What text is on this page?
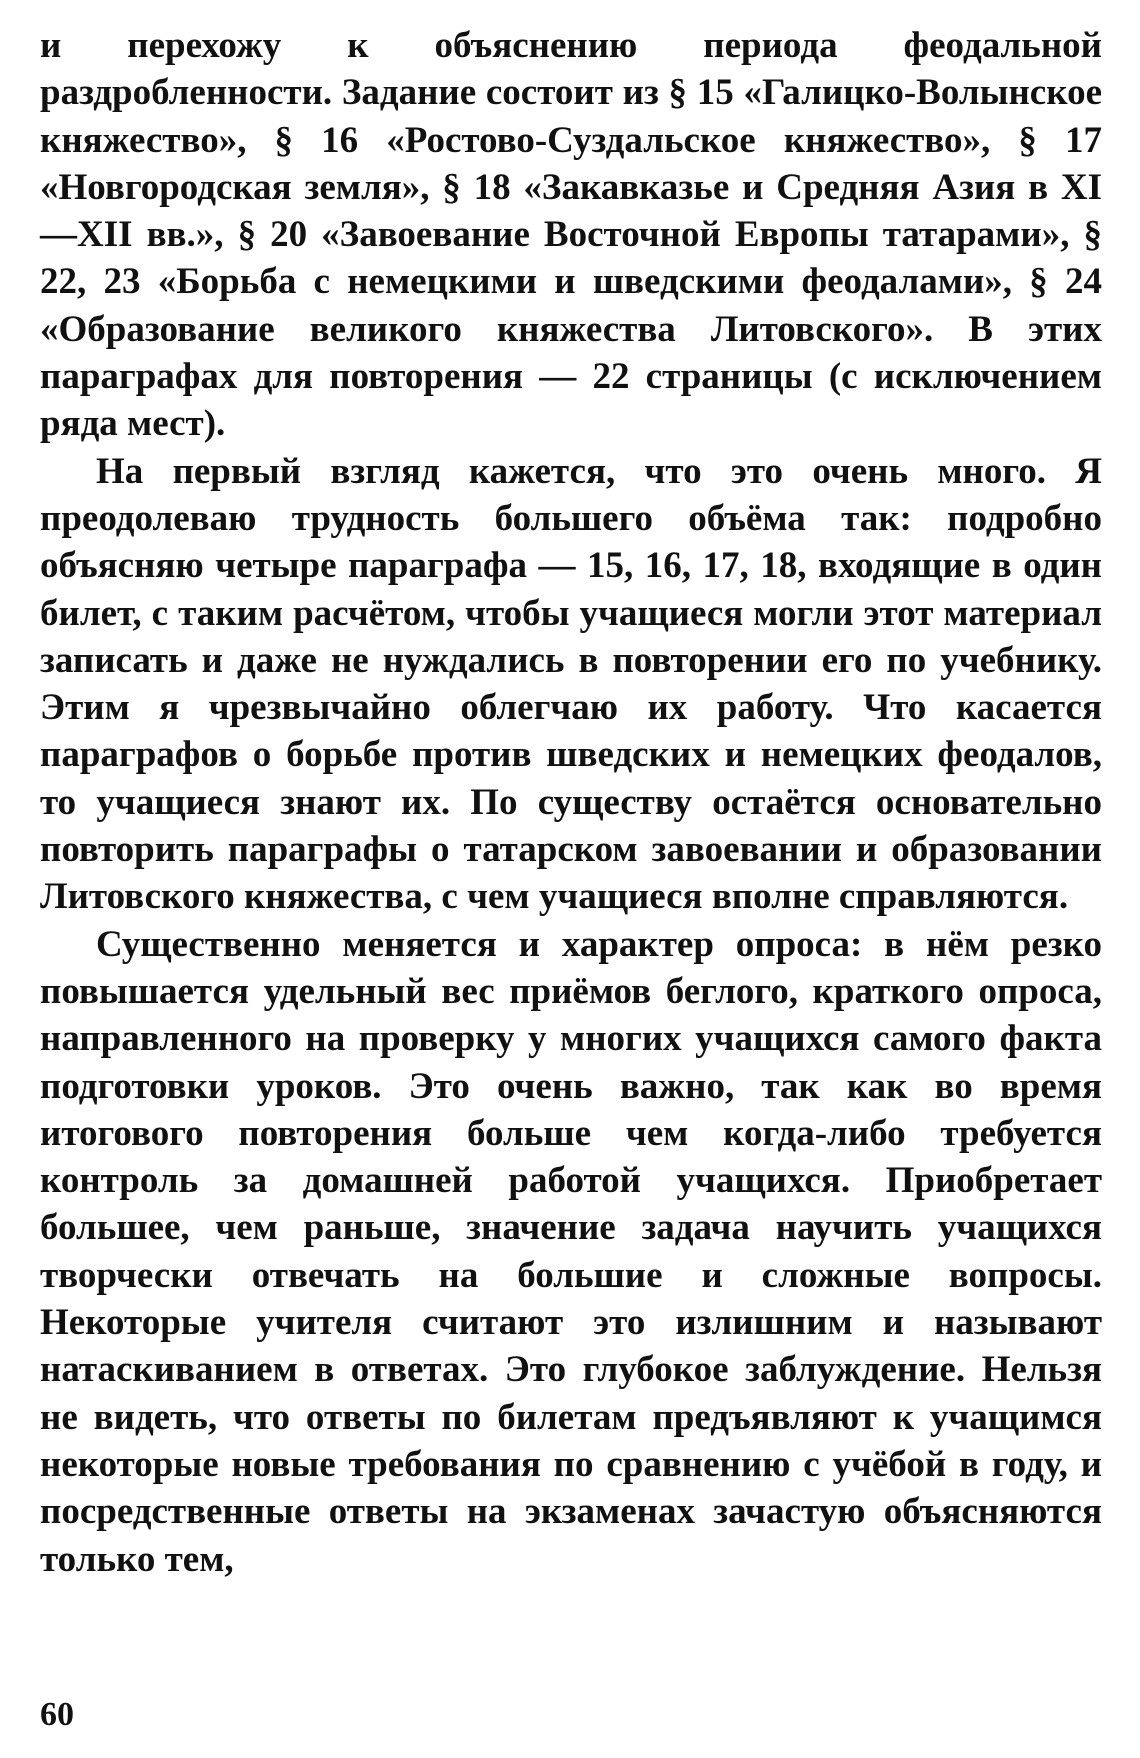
и перехожу к объяснению периода феодальной раздробленности. Задание состоит из § 15 «Галицко-Волынское княжество», § 16 «Ростово-Суздальское княжество», § 17 «Новгородская земля», § 18 «Закавказье и Средняя Азия в XI—XII вв.», § 20 «Завоевание Восточной Европы татарами», § 22, 23 «Борьба с немецкими и шведскими феодалами», § 24 «Образование великого княжества Литовского». В этих параграфах для повторения — 22 страницы (с исключением ряда мест).

На первый взгляд кажется, что это очень много. Я преодолеваю трудность большего объёма так: подробно объясняю четыре параграфа — 15, 16, 17, 18, входящие в один билет, с таким расчётом, чтобы учащиеся могли этот материал записать и даже не нуждались в повторении его по учебнику. Этим я чрезвычайно облегчаю их работу. Что касается параграфов о борьбе против шведских и немецких феодалов, то учащиеся знают их. По существу остаётся основательно повторить параграфы о татарском завоевании и образовании Литовского княжества, с чем учащиеся вполне справляются.

Существенно меняется и характер опроса: в нём резко повышается удельный вес приёмов беглого, краткого опроса, направленного на проверку у многих учащихся самого факта подготовки уроков. Это очень важно, так как во время итогового повторения больше чем когда-либо требуется контроль за домашней работой учащихся. Приобретает большее, чем раньше, значение задача научить учащихся творчески отвечать на большие и сложные вопросы. Некоторые учителя считают это излишним и называют натаскиванием в ответах. Это глубокое заблуждение. Нельзя не видеть, что ответы по билетам предъявляют к учащимся некоторые новые требования по сравнению с учёбой в году, и посредственные ответы на экзаменах зачастую объясняются только тем,

60
